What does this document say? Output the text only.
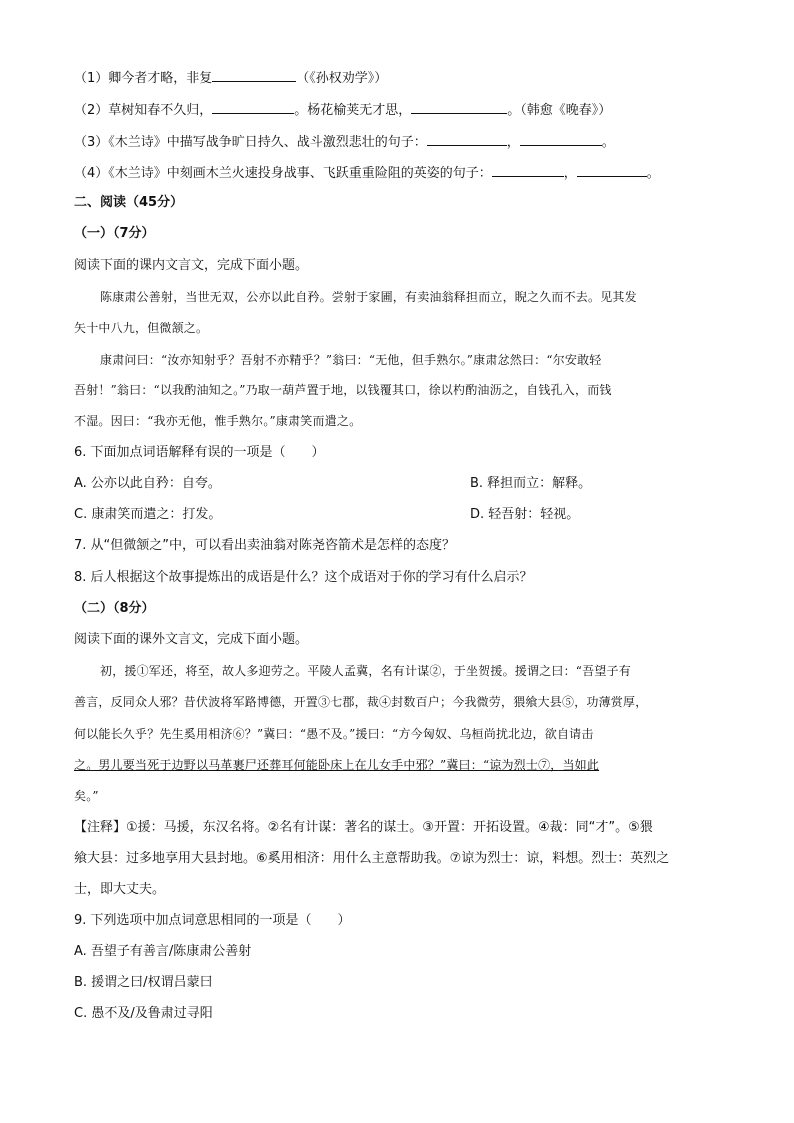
（1）卿今者才略，非复	（《孙权劝学》）
（2）草树知春不久归，	。杨花榆荚无才思，	。（韩愈《晚春》）
（3）《木兰诗》中描写战争旷日持久、战斗激烈悲壮的句子：	，	。
（4）《木兰诗》中刻画木兰火速投身战事、飞跃重重险阻的英姿的句子：	，	。
二、阅读（45分）
（一）（7分）
阅读下面的课内文言文，完成下面小题。
陈康肃公善射，当世无双，公亦以此自矜。尝射于家圃，有卖油翁释担而立，睨之久而不去。见其发
矢十中八九，但微颔之。
康肃问曰：“汝亦知射乎？吾射不亦精乎？”翁曰：“无他，但手熟尔。”康肃忿然曰：“尔安敢轻
吾射！”翁曰：“以我酌油知之。”乃取一葫芦置于地，以钱覆其口，徐以杓酌油沥之，自钱孔入，而钱
不湿。因曰：“我亦无他，惟手熟尔。”康肃笑而遣之。
6. 下面加点词语解释有误的一项是（　　）
A. 公亦以此自矜：自夸。	B. 释担而立：解释。
C. 康肃笑而遣之：打发。	D. 轻吾射：轻视。
7. 从“但微颔之”中，可以看出卖油翁对陈尧咨箭术是怎样的态度？
8. 后人根据这个故事提炼出的成语是什么？这个成语对于你的学习有什么启示？
（二）（8分）
阅读下面的课外文言文，完成下面小题。
初，援①军还，将至，故人多迎劳之。平陵人孟冀，名有计谋②，于坐贺援。援谓之曰：“吾望子有
善言，反同众人邪？昔伏波将军路博德，开置③七郡，裁④封数百户；今我微劳，猥飨大县⑤，功薄赏厚，
何以能长久乎？先生奚用相济⑥？”冀曰：“愚不及。”援曰：“方今匈奴、乌桓尚扰北边，欲自请击
之。男儿要当死于边野以马革裹尸还葬耳何能卧床上在儿女手中邪？”冀曰：“谅为烈士⑦，当如此
矣。”
【注释】①援：马援，东汉名将。②名有计谋：著名的谋士。③开置：开拓设置。④裁：同“才”。⑤猥
飨大县：过多地享用大县封地。⑥奚用相济：用什么主意帮助我。⑦谅为烈士：谅，料想。烈士：英烈之
士，即大丈夫。
9. 下列选项中加点词意思相同的一项是（　　）
A. 吾望子有善言/陈康肃公善射
B. 援谓之曰/权谓吕蒙曰
C. 愚不及/及鲁肃过寻阳
